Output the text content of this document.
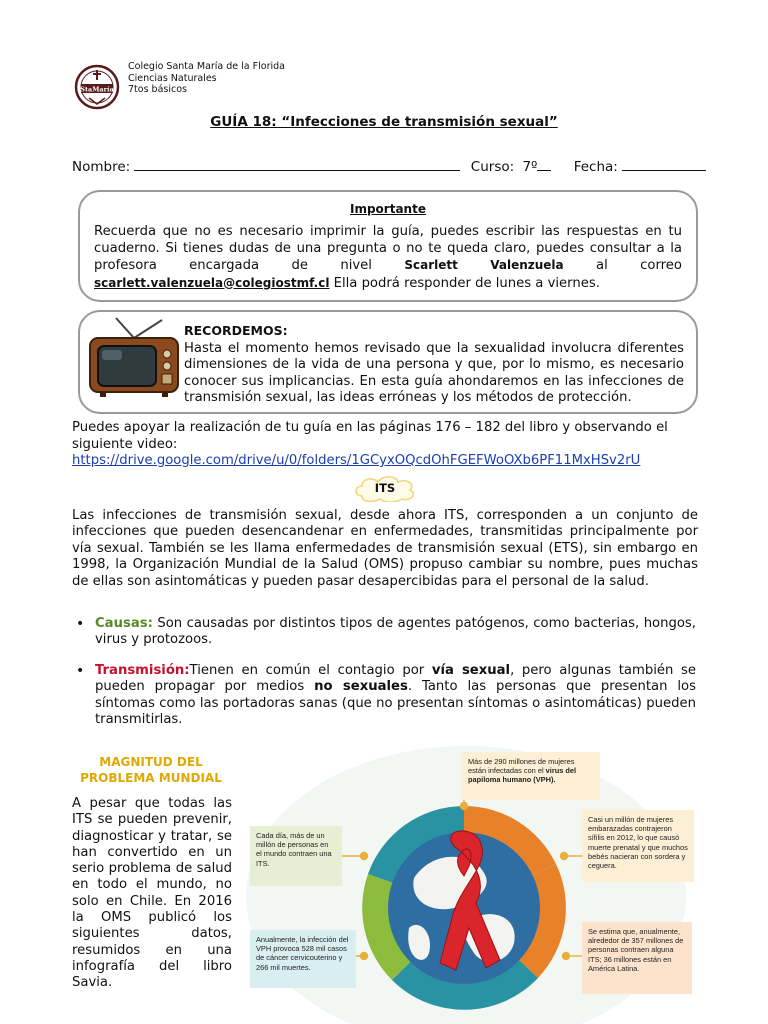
StaMaría
Colegio Santa María de la Florida
Ciencias Naturales
7tos básicos
GUÍA 18: “Infecciones de transmisión sexual”
Nombre:	Curso: 7º	Fecha:
Importante
Recuerda que no es necesario imprimir la guía, puedes escribir las respuestas en tu cuaderno. Si tienes dudas de una pregunta o no te queda claro, puedes consultar a la profesora encargada de nivel Scarlett Valenzuela al correo scarlett.valenzuela@colegiostmf.cl Ella podrá responder de lunes a viernes.
RECORDEMOS:
Hasta el momento hemos revisado que la sexualidad involucra diferentes dimensiones de la vida de una persona y que, por lo mismo, es necesario conocer sus implicancias. En esta guía ahondaremos en las infecciones de transmisión sexual, las ideas erróneas y los métodos de protección.
Puedes apoyar la realización de tu guía en las páginas 176 – 182 del libro y observando el siguiente video:
https://drive.google.com/drive/u/0/folders/1GCyxOQcdOhFGEFWoOXb6PF11MxHSv2rU
ITS
Las infecciones de transmisión sexual, desde ahora ITS, corresponden a un conjunto de infecciones que pueden desencandenar en enfermedades, transmitidas principalmente por vía sexual. También se les llama enfermedades de transmisión sexual (ETS), sin embargo en 1998, la Organización Mundial de la Salud (OMS) propuso cambiar su nombre, pues muchas de ellas son asintomáticas y pueden pasar desapercibidas para el personal de la salud.
• Causas: Son causadas por distintos tipos de agentes patógenos, como bacterias, hongos, virus y protozoos.
• Transmisión:Tienen en común el contagio por vía sexual, pero algunas también se pueden propagar por medios no sexuales. Tanto las personas que presentan los síntomas como las portadoras sanas (que no presentan síntomas o asintomáticas) pueden transmitirlas.
MAGNITUD DEL PROBLEMA MUNDIAL
A pesar que todas las ITS se pueden prevenir, diagnosticar y tratar, se han convertido en un serio problema de salud en todo el mundo, no solo en Chile. En 2016 la OMS publicó los siguientes datos, resumidos en una infografía del libro Savia.
Más de 290 millones de mujeres están infectadas con el virus del papiloma humano (VPH).
Cada día, más de un millón de personas en el mundo contraen una ITS.
Casi un millón de mujeres embarazadas contrajeron sífilis en 2012, lo que causó muerte prenatal y que muchos bebés nacieran con sordera y ceguera.
Anualmente, la infección del VPH provoca 528 mil casos de cáncer cervicouterino y 266 mil muertes.
Se estima que, anualmente, alrededor de 357 millones de personas contraen alguna ITS; 36 millones están en América Latina.
